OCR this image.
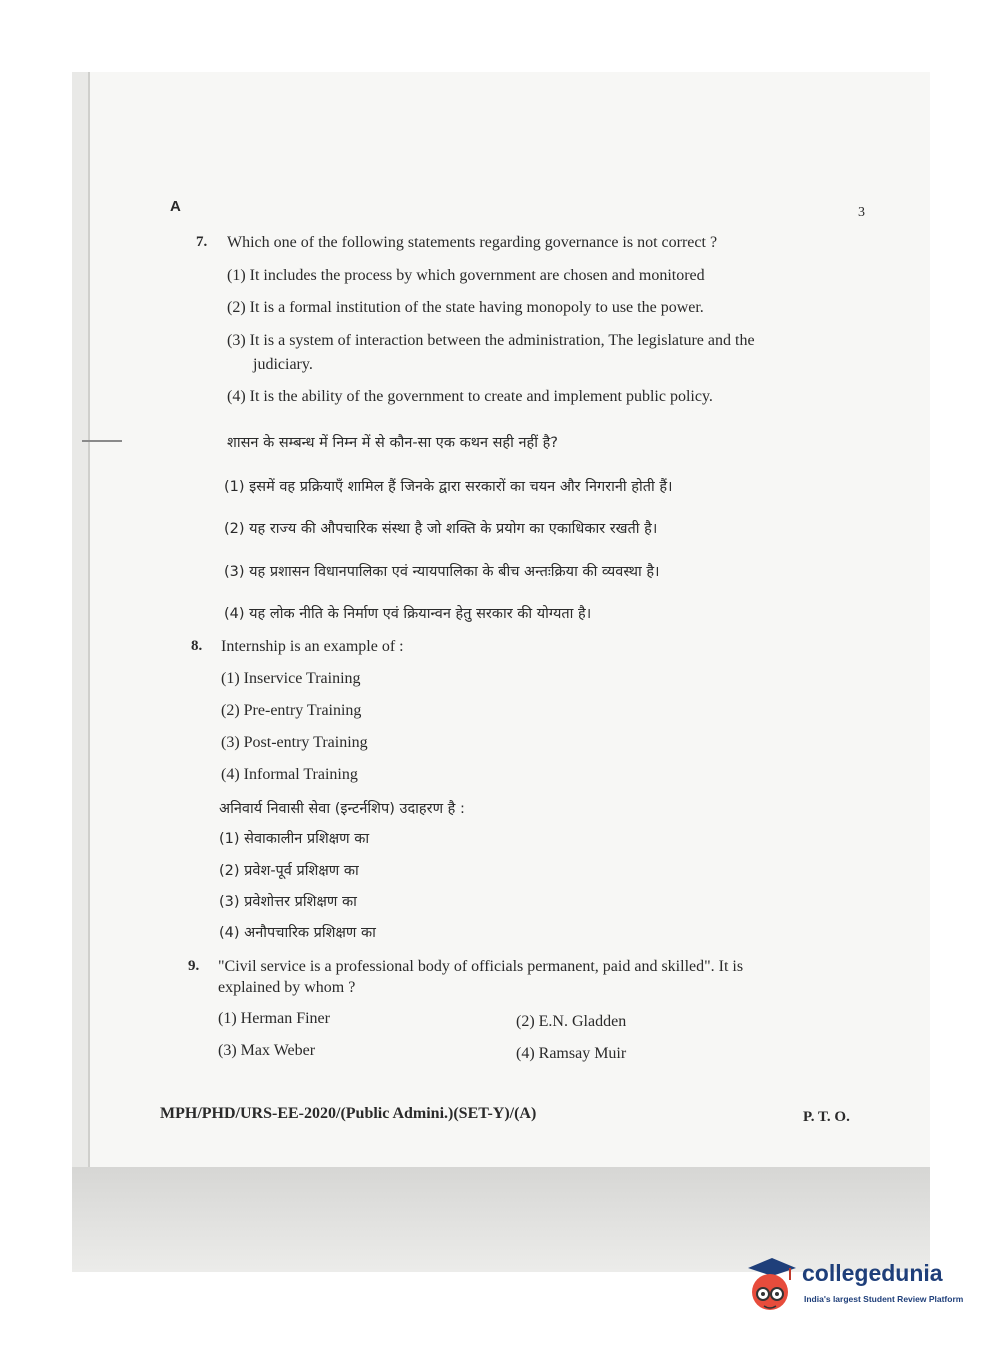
A	3
7. Which one of the following statements regarding governance is not correct ?
(1) It includes the process by which government are chosen and monitored
(2) It is a formal institution of the state having monopoly to use the power.
(3) It is a system of interaction between the administration, The legislature and the
judiciary.
(4) It is the ability of the government to create and implement public policy.
शासन के सम्बन्ध में निम्न में से कौन-सा एक कथन सही नहीं है?
(1) इसमें वह प्रक्रियाएँ शामिल हैं जिनके द्वारा सरकारों का चयन और निगरानी होती हैं।
(2) यह राज्य की औपचारिक संस्था है जो शक्ति के प्रयोग का एकाधिकार रखती है।
(3) यह प्रशासन विधानपालिका एवं न्यायपालिका के बीच अन्तःक्रिया की व्यवस्था है।
(4) यह लोक नीति के निर्माण एवं क्रियान्वन हेतु सरकार की योग्यता है।
8. Internship is an example of :
(1) Inservice Training
(2) Pre-entry Training
(3) Post-entry Training
(4) Informal Training
अनिवार्य निवासी सेवा (इन्टर्नशिप) उदाहरण है :
(1) सेवाकालीन प्रशिक्षण का
(2) प्रवेश-पूर्व प्रशिक्षण का
(3) प्रवेशोत्तर प्रशिक्षण का
(4) अनौपचारिक प्रशिक्षण का
9. "Civil service is a professional body of officials permanent, paid and skilled". It is
explained by whom ?
(1) Herman Finer	(2) E.N. Gladden
(3) Max Weber	(4) Ramsay Muir
MPH/PHD/URS-EE-2020/(Public Admini.)(SET-Y)/(A)	P. T. O.
collegedunia
India's largest Student Review Platform
